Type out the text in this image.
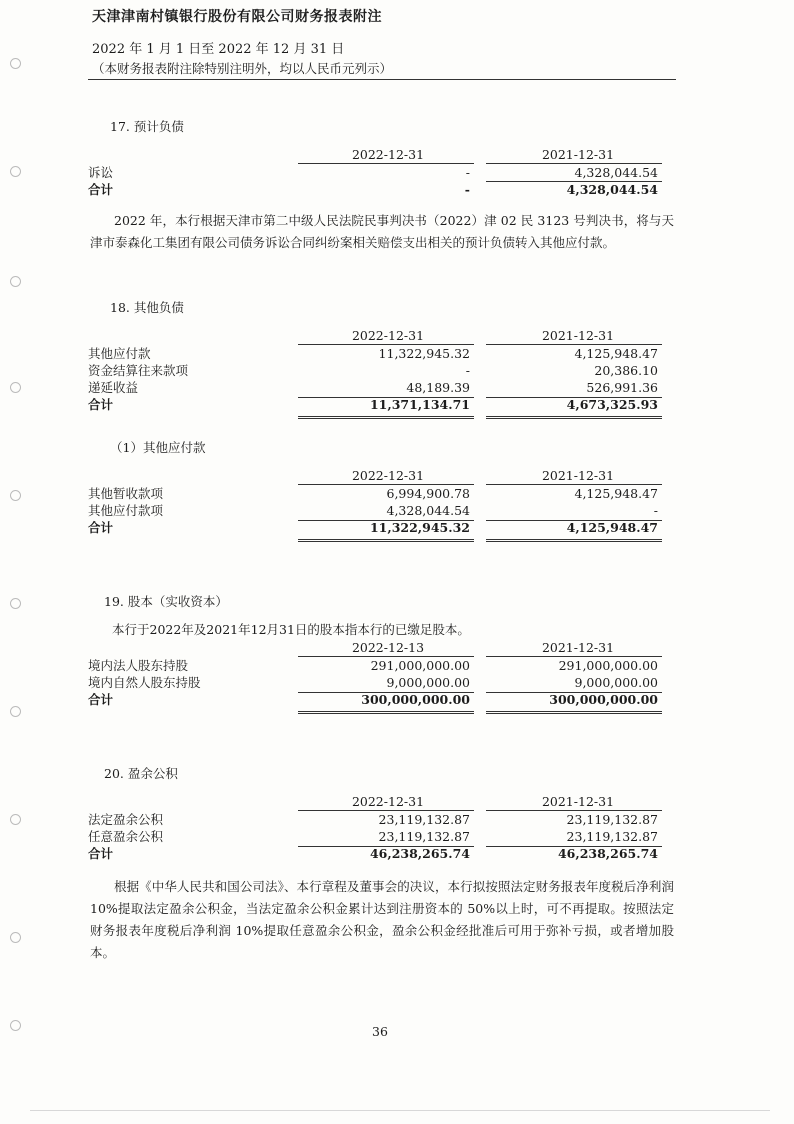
天津津南村镇银行股份有限公司财务报表附注
2022 年 1 月 1 日至 2022 年 12 月 31 日
（本财务报表附注除特别注明外，均以人民币元列示）
17. 预计负债
2022-12-31	2021-12-31
诉讼	-	4,328,044.54
合计	-	4,328,044.54
2022 年，本行根据天津市第二中级人民法院民事判决书（2022）津 02 民 3123 号判决书，将与天津市泰森化工集团有限公司债务诉讼合同纠纷案相关赔偿支出相关的预计负债转入其他应付款。
18. 其他负债
2022-12-31	2021-12-31
其他应付款	11,322,945.32	4,125,948.47
资金结算往来款项	-	20,386.10
递延收益	48,189.39	526,991.36
合计	11,371,134.71	4,673,325.93
（1）其他应付款
2022-12-31	2021-12-31
其他暂收款项	6,994,900.78	4,125,948.47
其他应付款项	4,328,044.54	-
合计	11,322,945.32	4,125,948.47
19. 股本（实收资本）
本行于2022年及2021年12月31日的股本指本行的已缴足股本。
2022-12-13	2021-12-31
境内法人股东持股	291,000,000.00	291,000,000.00
境内自然人股东持股	9,000,000.00	9,000,000.00
合计	300,000,000.00	300,000,000.00
20. 盈余公积
2022-12-31	2021-12-31
法定盈余公积	23,119,132.87	23,119,132.87
任意盈余公积	23,119,132.87	23,119,132.87
合计	46,238,265.74	46,238,265.74
根据《中华人民共和国公司法》、本行章程及董事会的决议，本行拟按照法定财务报表年度税后净利润 10%提取法定盈余公积金，当法定盈余公积金累计达到注册资本的 50%以上时，可不再提取。按照法定财务报表年度税后净利润 10%提取任意盈余公积金，盈余公积金经批准后可用于弥补亏损，或者增加股本。
36
